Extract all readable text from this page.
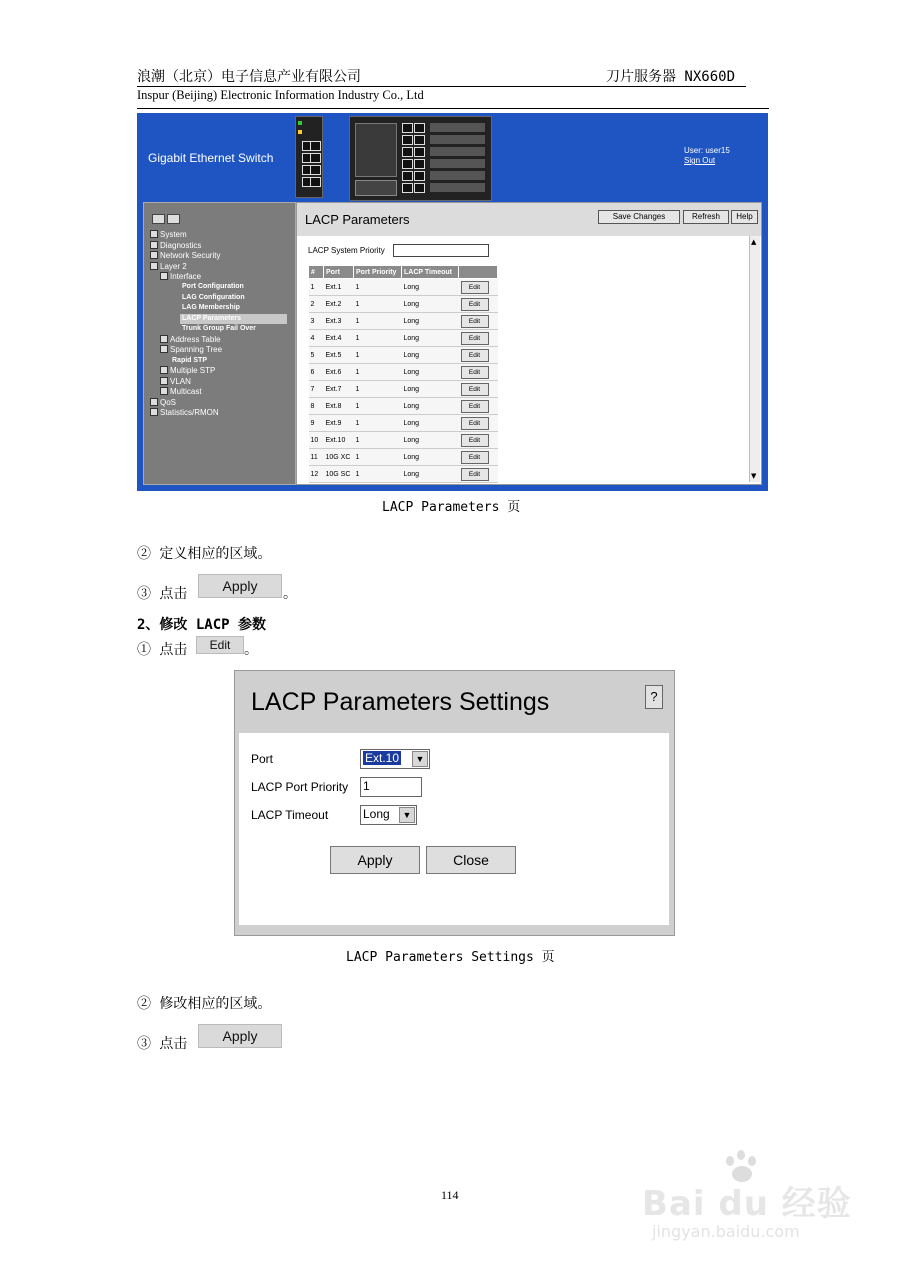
浪潮（北京）电子信息产业有限公司	刀片服务器 NX660D
Inspur (Beijing) Electronic Information Industry Co., Ltd
Gigabit Ethernet Switch
User: user15
Sign Out
System
Diagnostics
Network Security
Layer 2
Interface
Port Configuration
LAG Configuration
LAG Membership
LACP Parameters
Trunk Group Fail Over
Address Table
Spanning Tree
Rapid STP
Multiple STP
VLAN
Multicast
QoS
Statistics/RMON
LACP Parameters	Save Changes	Refresh	Help
LACP System Priority
#	Port	Port Priority	LACP Timeout	
1	Ext.1	1	Long	Edit
2	Ext.2	1	Long	Edit
3	Ext.3	1	Long	Edit
4	Ext.4	1	Long	Edit
5	Ext.5	1	Long	Edit
6	Ext.6	1	Long	Edit
7	Ext.7	1	Long	Edit
8	Ext.8	1	Long	Edit
9	Ext.9	1	Long	Edit
10	Ext.10	1	Long	Edit
11	10G XC	1	Long	Edit
12	10G SC	1	Long	Edit
▲
▼
LACP Parameters 页
② 定义相应的区域。
③ 点击	Apply	。
2、修改 LACP 参数
① 点击	Edit 。
LACP Parameters Settings	?
Port	Ext.10	▼
LACP Port Priority 1
LACP Timeout	Long	▼
Apply	Close
LACP Parameters Settings 页
② 修改相应的区域。
③ 点击	Apply
114	Bai du 经验
jingyan.baidu.com
